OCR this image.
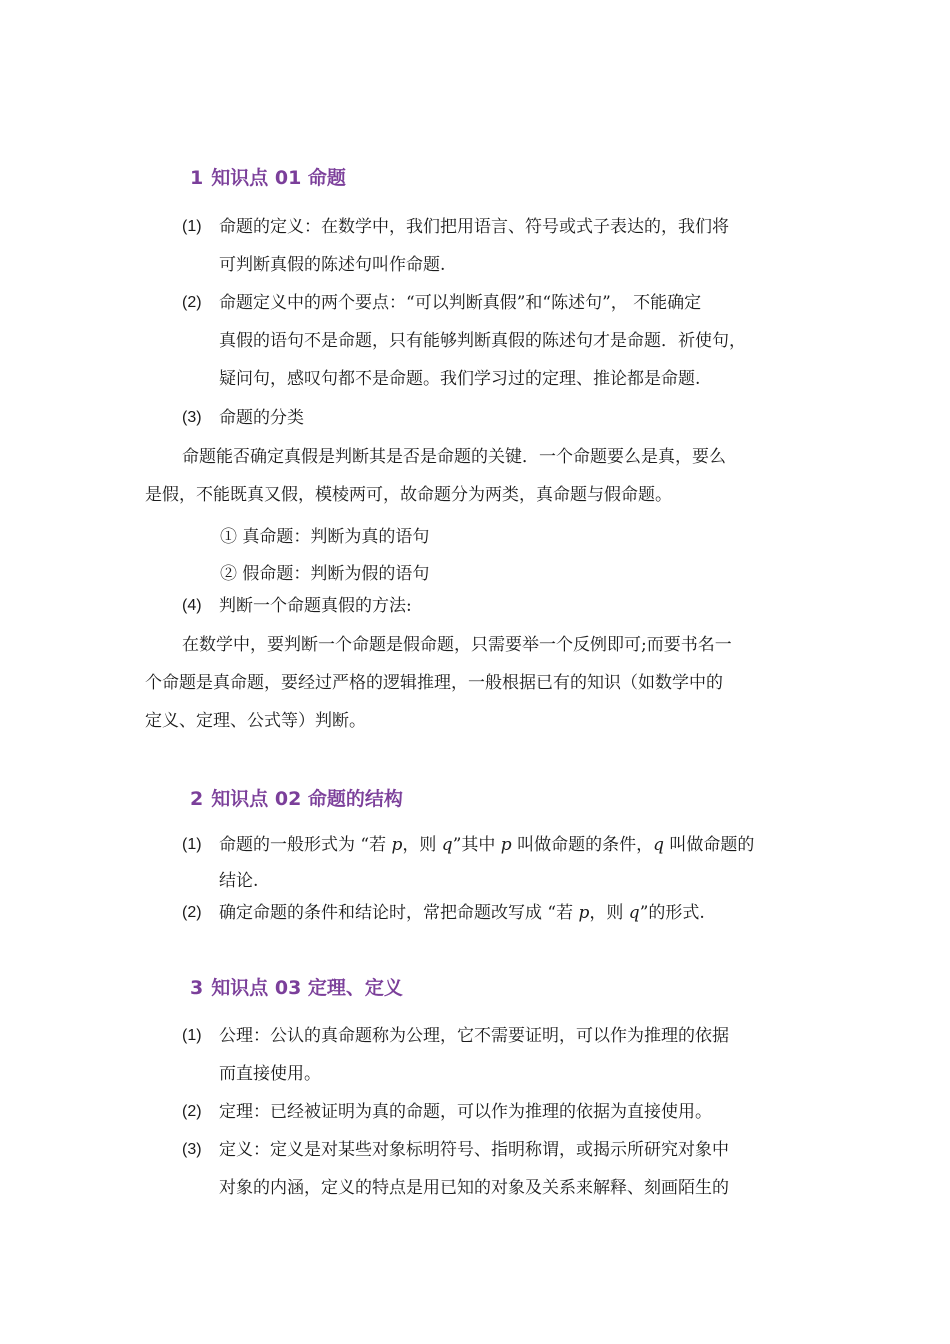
1 知识点 01 命题
(1) 命题的定义：在数学中，我们把用语言、符号或式子表达的，我们将
可判断真假的陈述句叫作命题.
(2) 命题定义中的两个要点：“可以判断真假”和“陈述句”， 不能确定
真假的语句不是命题，只有能够判断真假的陈述句才是命题．祈使句，
疑问句，感叹句都不是命题。我们学习过的定理、推论都是命题.
(3) 命题的分类
命题能否确定真假是判断其是否是命题的关键．一个命题要么是真，要么
是假，不能既真又假，模棱两可，故命题分为两类，真命题与假命题。
① 真命题：判断为真的语句
② 假命题：判断为假的语句
(4) 判断一个命题真假的方法:
在数学中，要判断一个命题是假命题，只需要举一个反例即可;而要书名一
个命题是真命题，要经过严格的逻辑推理，一般根据已有的知识（如数学中的
定义、定理、公式等）判断。
2 知识点 02 命题的结构
(1) 命题的一般形式为 “若 p，则 q”其中 p 叫做命题的条件，q 叫做命题的
结论.
(2) 确定命题的条件和结论时，常把命题改写成 “若 p，则 q”的形式.
3 知识点 03 定理、定义
(1) 公理：公认的真命题称为公理，它不需要证明，可以作为推理的依据
而直接使用。
(2) 定理：已经被证明为真的命题，可以作为推理的依据为直接使用。
(3) 定义：定义是对某些对象标明符号、指明称谓，或揭示所研究对象中
对象的内涵，定义的特点是用已知的对象及关系来解释、刻画陌生的
